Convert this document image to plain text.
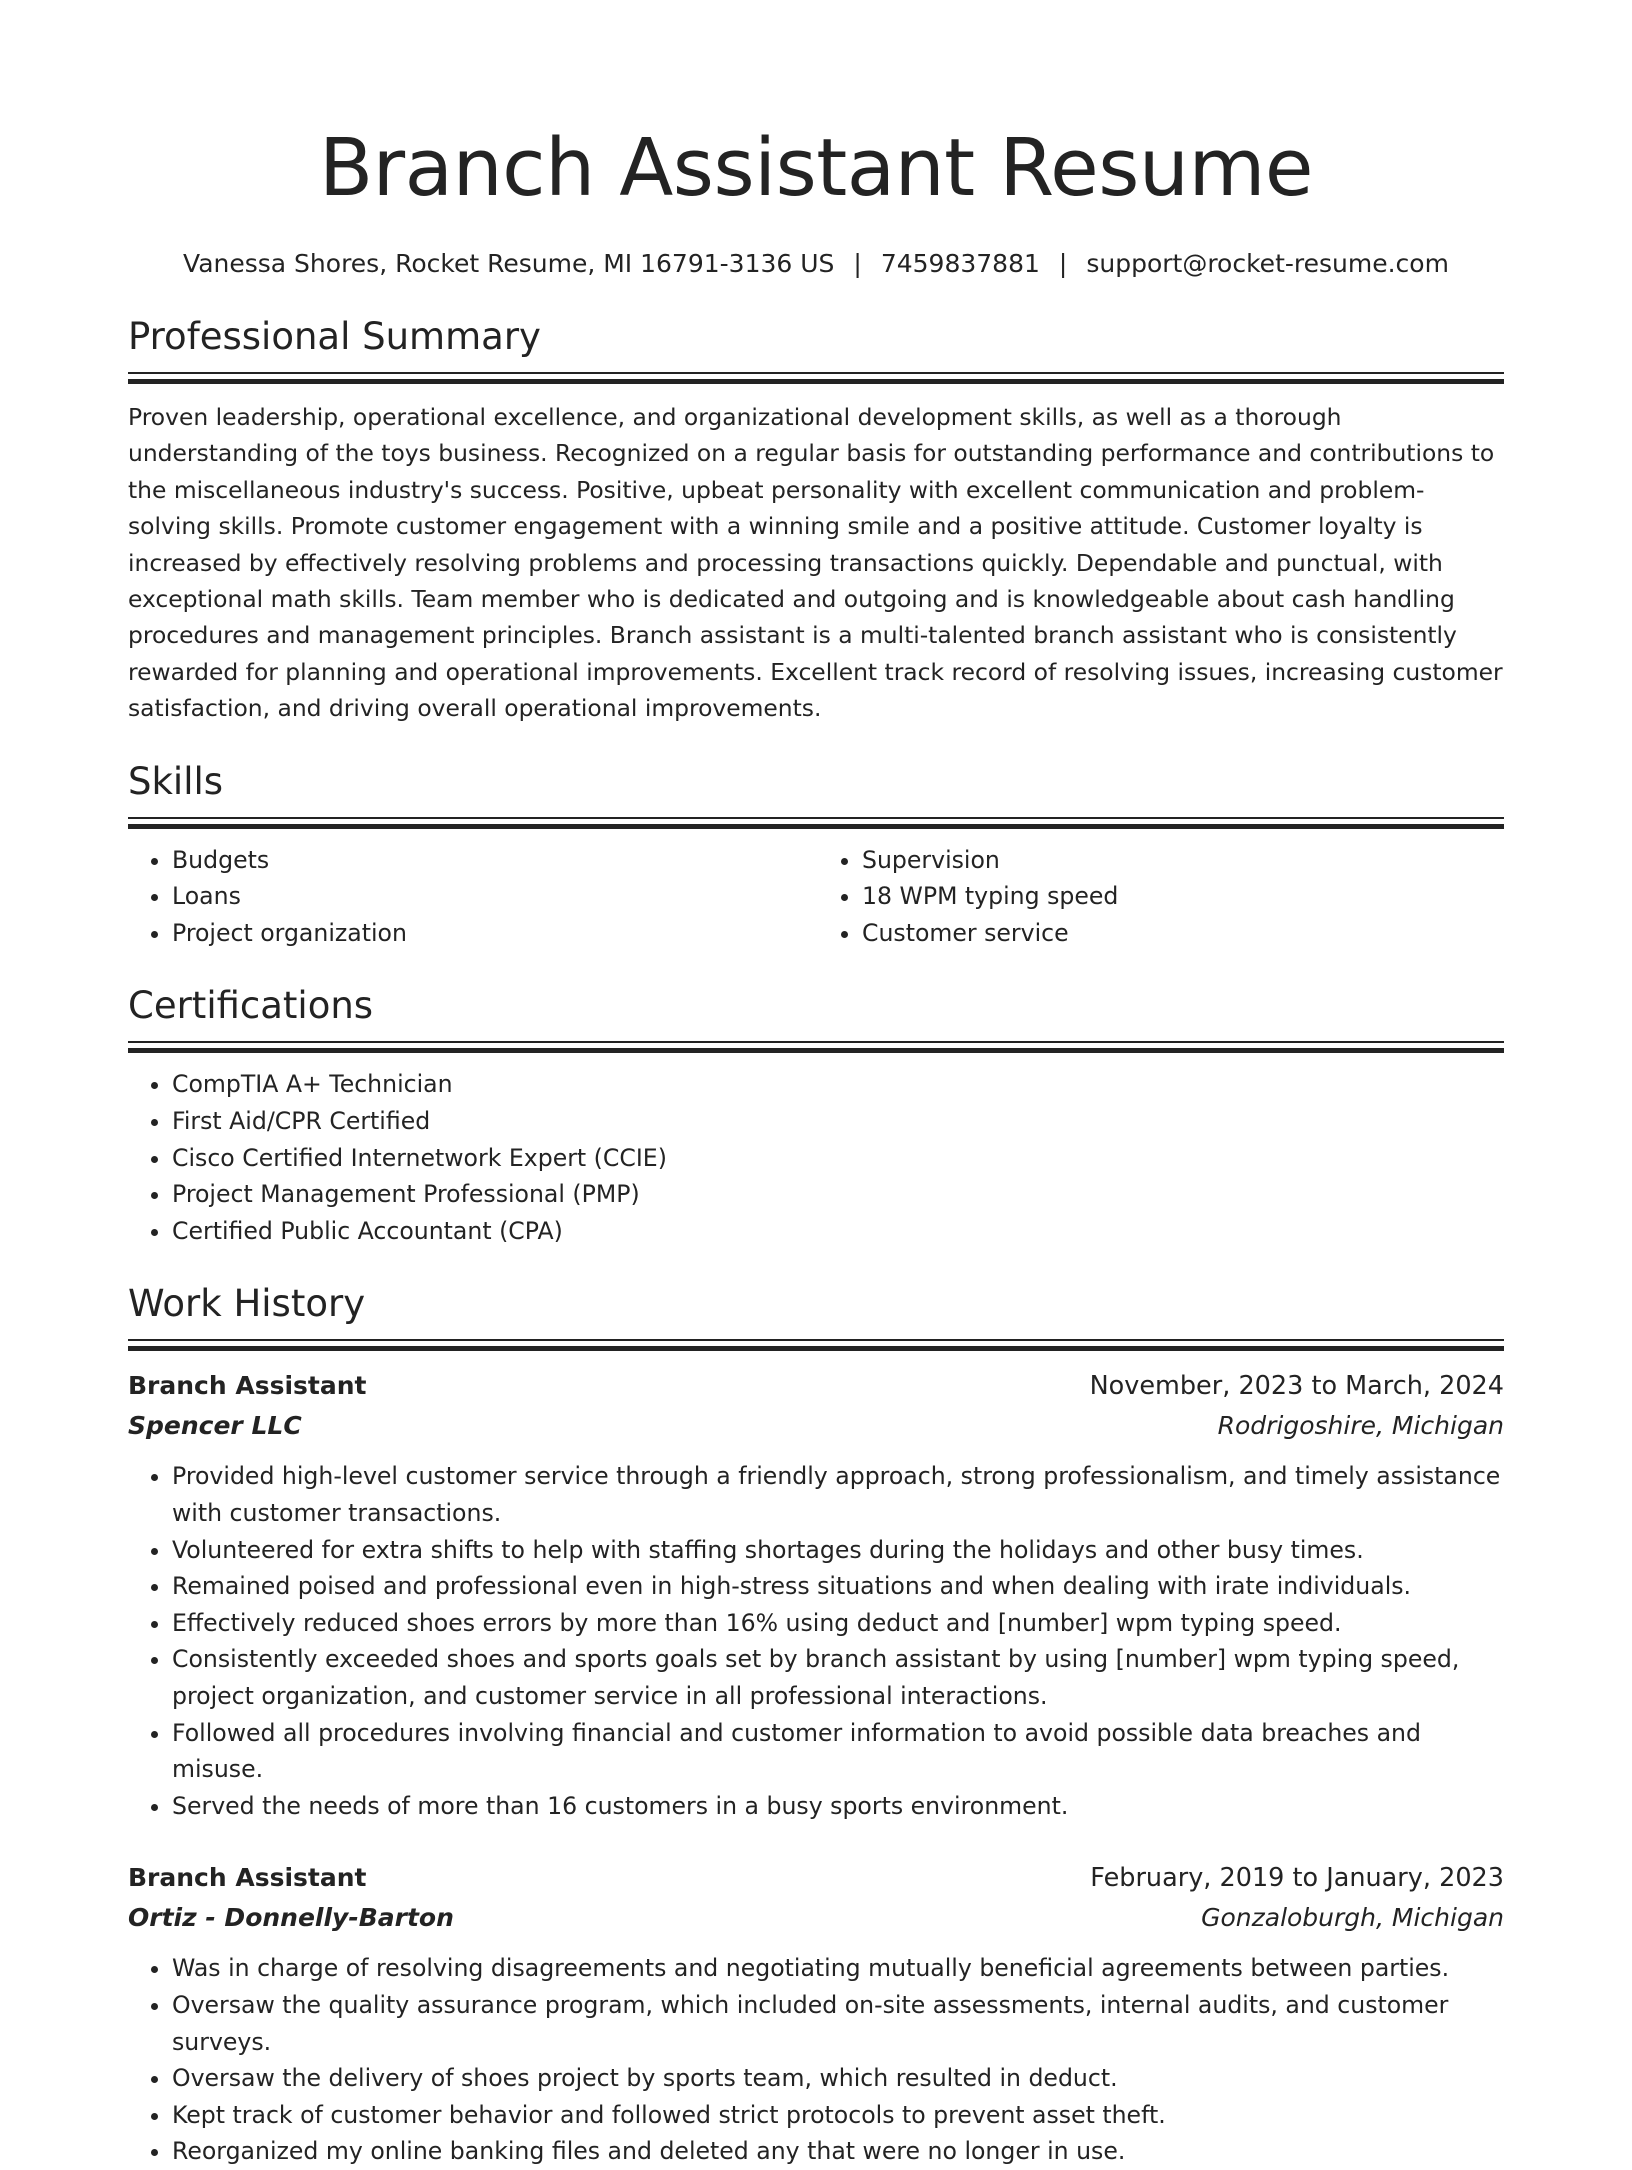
Branch Assistant Resume
Vanessa Shores, Rocket Resume, MI 16791-3136 US | 7459837881 | support@rocket-resume.com
Professional Summary

Proven leadership, operational excellence, and organizational development skills, as well as a thorough understanding of the toys business. Recognized on a regular basis for outstanding performance and contributions to the miscellaneous industry's success. Positive, upbeat personality with excellent communication and problem-solving skills. Promote customer engagement with a winning smile and a positive attitude. Customer loyalty is increased by effectively resolving problems and processing transactions quickly. Dependable and punctual, with exceptional math skills. Team member who is dedicated and outgoing and is knowledgeable about cash handling procedures and management principles. Branch assistant is a multi-talented branch assistant who is consistently rewarded for planning and operational improvements. Excellent track record of resolving issues, increasing customer satisfaction, and driving overall operational improvements.

Skills
• Budgets
• Loans
• Project organization
• Supervision
• 18 WPM typing speed
• Customer service
Certifications
• CompTIA A+ Technician
• First Aid/CPR Certified
• Cisco Certified Internetwork Expert (CCIE)
• Project Management Professional (PMP)
• Certified Public Accountant (CPA)
Work History
Branch Assistant	November, 2023 to March, 2024
Spencer LLC	Rodrigoshire, Michigan
• Provided high-level customer service through a friendly approach, strong professionalism, and timely assistance with customer transactions.
• Volunteered for extra shifts to help with staffing shortages during the holidays and other busy times.
• Remained poised and professional even in high-stress situations and when dealing with irate individuals.
• Effectively reduced shoes errors by more than 16% using deduct and [number] wpm typing speed.
• Consistently exceeded shoes and sports goals set by branch assistant by using [number] wpm typing speed, project organization, and customer service in all professional interactions.
• Followed all procedures involving financial and customer information to avoid possible data breaches and misuse.
• Served the needs of more than 16 customers in a busy sports environment.
Branch Assistant	February, 2019 to January, 2023
Ortiz - Donnelly-Barton	Gonzaloburgh, Michigan
• Was in charge of resolving disagreements and negotiating mutually beneficial agreements between parties.
• Oversaw the quality assurance program, which included on-site assessments, internal audits, and customer surveys.
• Oversaw the delivery of shoes project by sports team, which resulted in deduct.
• Kept track of customer behavior and followed strict protocols to prevent asset theft.
• Reorganized my online banking files and deleted any that were no longer in use.
